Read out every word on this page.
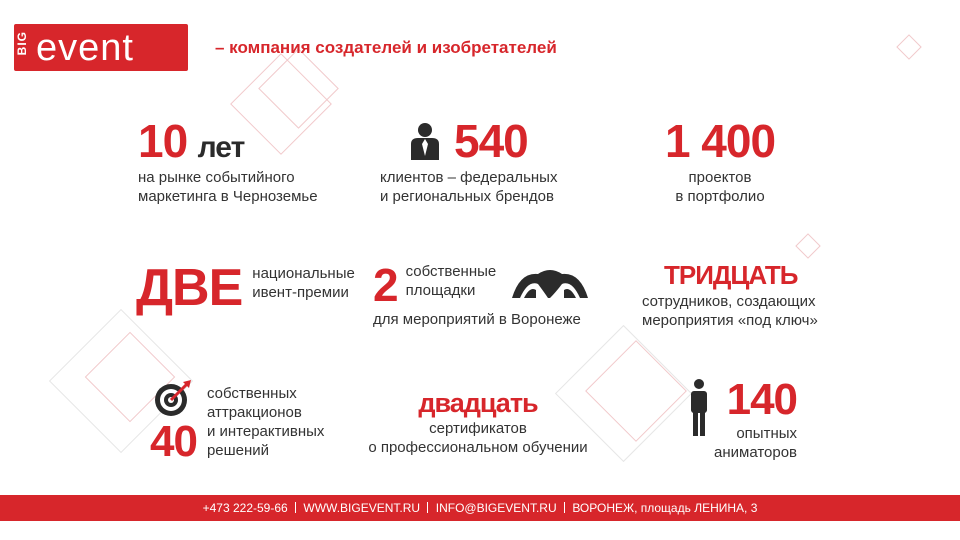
BIG event	– компания создателей и изобретателей
10 лет
на рынке событийного
маркетинга в Черноземье
540
клиентов – федеральных
и региональных брендов
1 400
проектов
в портфолио
ДВЕ национальные
ивент-премии 2 собственные
площадки
для мероприятий в Воронеже
ТРИДЦАТЬ
сотрудников, создающих
мероприятия «под ключ»
40
собственных
аттракционов
и интерактивных
решений
двадцать
сертификатов
о профессиональном обучении
140
опытных
аниматоров
+473 222-59-66 WWW.BIGEVENT.RU INFO@BIGEVENT.RU ВОРОНЕЖ, площадь ЛЕНИНА, 3
